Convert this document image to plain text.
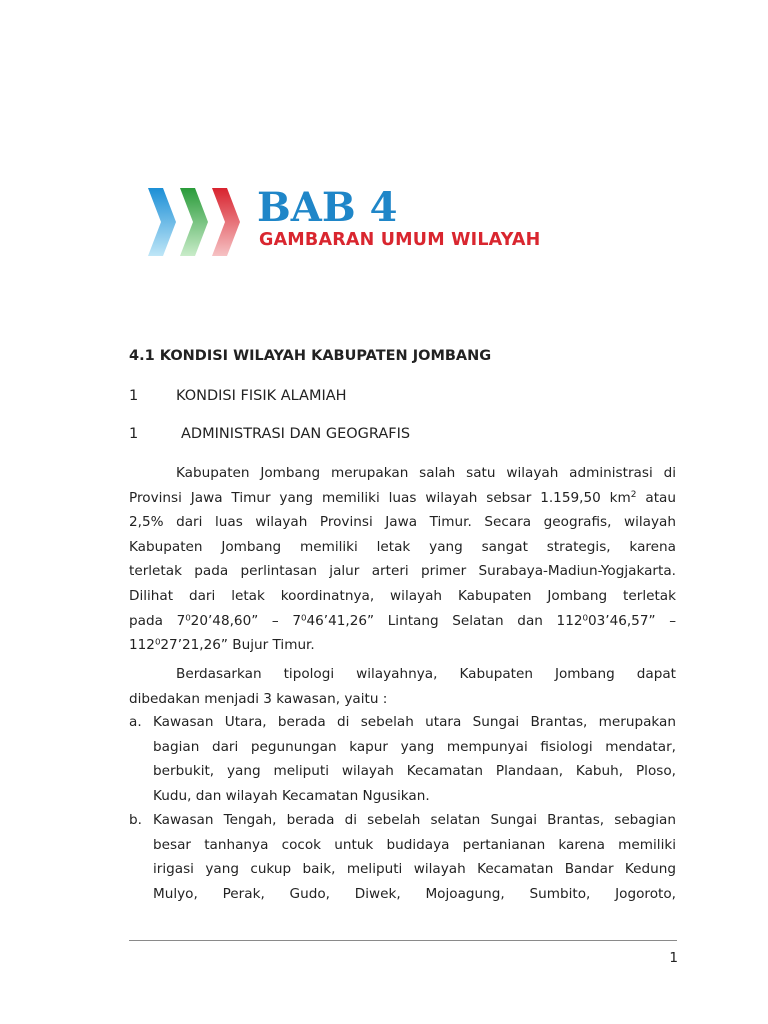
BAB 4
GAMBARAN UMUM WILAYAH
4.1 KONDISI WILAYAH KABUPATEN JOMBANG
1	KONDISI FISIK ALAMIAH
1	ADMINISTRASI DAN GEOGRAFIS
Kabupaten Jombang merupakan salah satu wilayah administrasi di
Provinsi Jawa Timur yang memiliki luas wilayah sebsar 1.159,50 $km^2$ atau
2,5% dari luas wilayah Provinsi Jawa Timur. Secara geografis, wilayah
Kabupaten Jombang memiliki letak yang sangat strategis, karena
terletak pada perlintasan jalur arteri primer Surabaya-Madiun-Yogjakarta.
Dilihat dari letak koordinatnya, wilayah Kabupaten Jombang terletak
pada 7⁰20’48,60” – 7⁰46’41,26” Lintang Selatan dan 112⁰03’46,57” –
112⁰27’21,26” Bujur Timur.
Berdasarkan tipologi wilayahnya, Kabupaten Jombang dapat
dibedakan menjadi 3 kawasan, yaitu :
a. Kawasan Utara, berada di sebelah utara Sungai Brantas, merupakan
bagian dari pegunungan kapur yang mempunyai fisiologi mendatar,
berbukit, yang meliputi wilayah Kecamatan Plandaan, Kabuh, Ploso,
Kudu, dan wilayah Kecamatan Ngusikan.
b. Kawasan Tengah, berada di sebelah selatan Sungai Brantas, sebagian
besar tanhanya cocok untuk budidaya pertanianan karena memiliki
irigasi yang cukup baik, meliputi wilayah Kecamatan Bandar Kedung
Mulyo, Perak, Gudo, Diwek, Mojoagung, Sumbito, Jogoroto,
1
